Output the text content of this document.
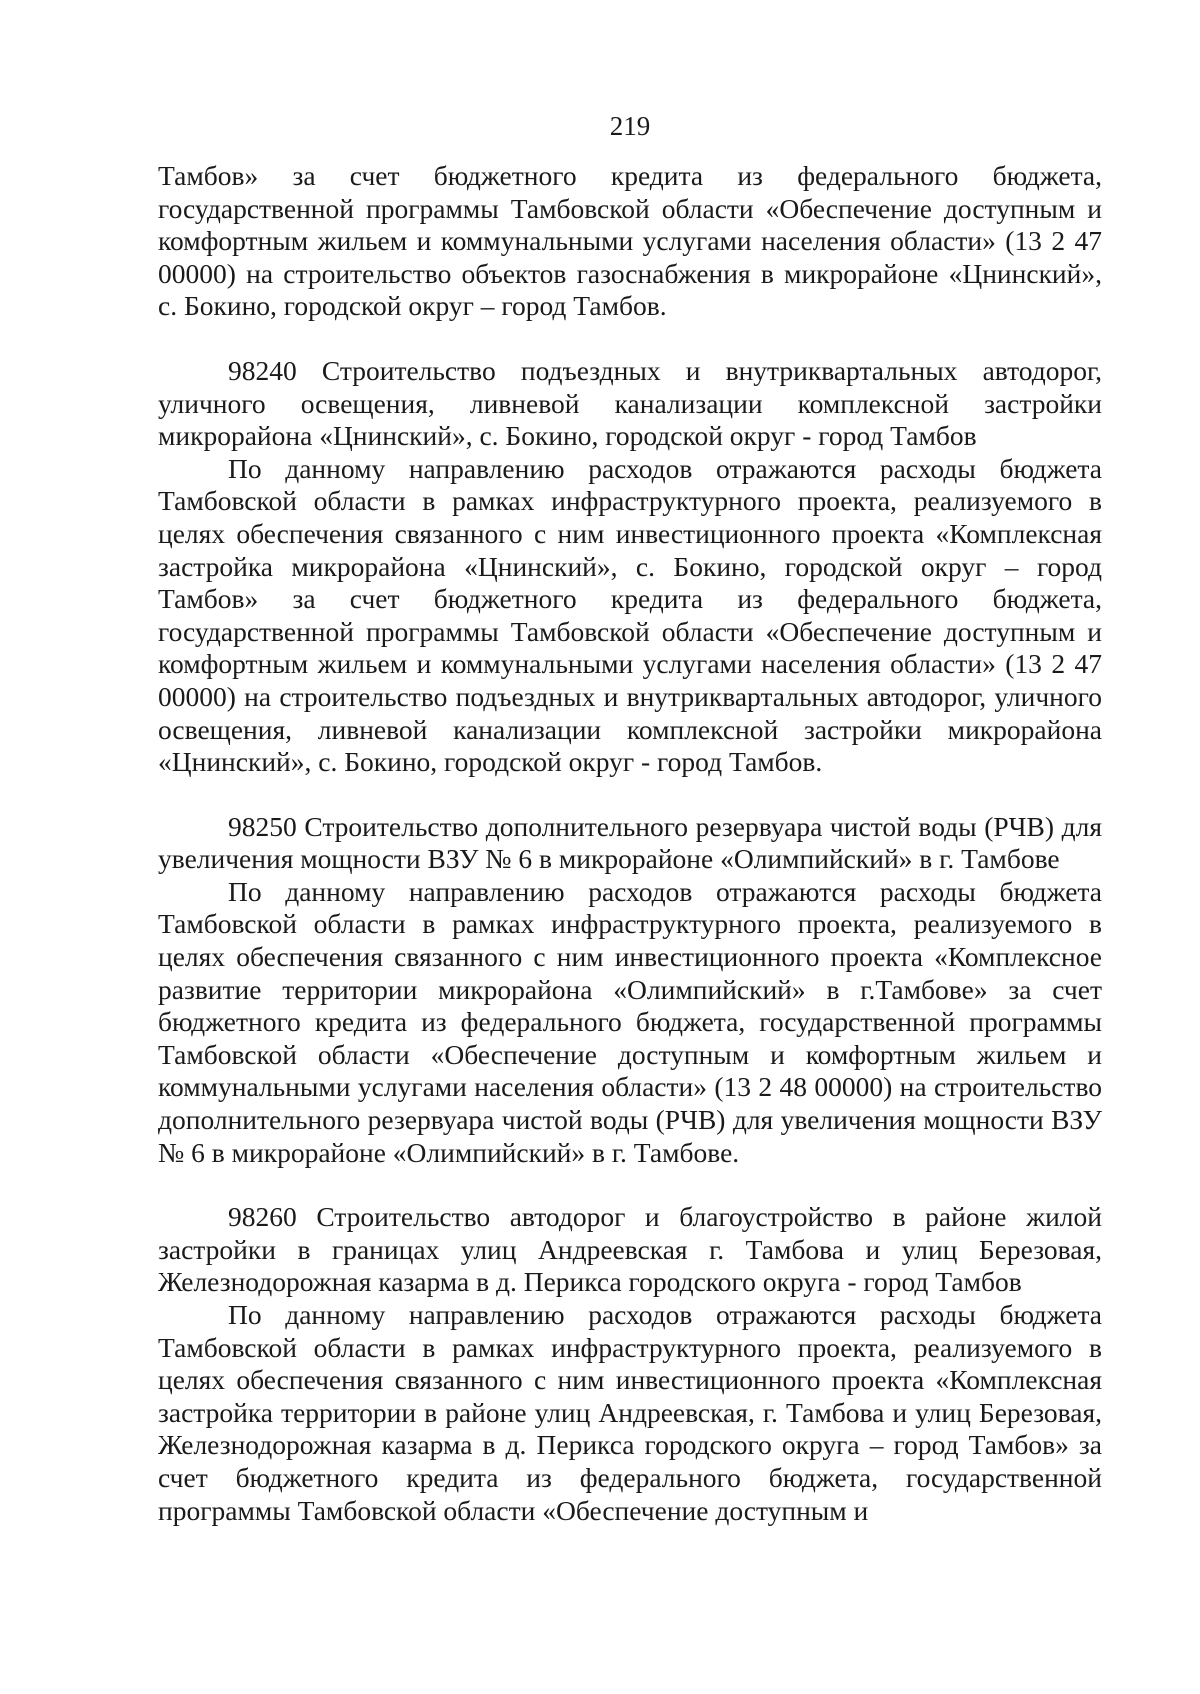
219

Тамбов» за счет бюджетного кредита из федерального бюджета, государственной программы Тамбовской области «Обеспечение доступным и комфортным жильем и коммунальными услугами населения области» (13 2 47 00000) на строительство объектов газоснабжения в микрорайоне «Цнинский», с. Бокино, городской округ – город Тамбов.

98240 Строительство подъездных и внутриквартальных автодорог, уличного освещения, ливневой канализации комплексной застройки микрорайона «Цнинский», с. Бокино, городской округ - город Тамбов

По данному направлению расходов отражаются расходы бюджета Тамбовской области в рамках инфраструктурного проекта, реализуемого в целях обеспечения связанного с ним инвестиционного проекта «Комплексная застройка микрорайона «Цнинский», с. Бокино, городской округ – город Тамбов» за счет бюджетного кредита из федерального бюджета, государственной программы Тамбовской области «Обеспечение доступным и комфортным жильем и коммунальными услугами населения области» (13 2 47 00000) на строительство подъездных и внутриквартальных автодорог, уличного освещения, ливневой канализации комплексной застройки микрорайона «Цнинский», с. Бокино, городской округ - город Тамбов.

98250 Строительство дополнительного резервуара чистой воды (РЧВ) для увеличения мощности ВЗУ № 6 в микрорайоне «Олимпийский» в г. Тамбове

По данному направлению расходов отражаются расходы бюджета Тамбовской области в рамках инфраструктурного проекта, реализуемого в целях обеспечения связанного с ним инвестиционного проекта «Комплексное развитие территории микрорайона «Олимпийский» в г.Тамбове» за счет бюджетного кредита из федерального бюджета, государственной программы Тамбовской области «Обеспечение доступным и комфортным жильем и коммунальными услугами населения области» (13 2 48 00000) на строительство дополнительного резервуара чистой воды (РЧВ) для увеличения мощности ВЗУ № 6 в микрорайоне «Олимпийский» в г. Тамбове.

98260 Строительство автодорог и благоустройство в районе жилой застройки в границах улиц Андреевская г. Тамбова и улиц Березовая, Железнодорожная казарма в д. Перикса городского округа - город Тамбов

По данному направлению расходов отражаются расходы бюджета Тамбовской области в рамках инфраструктурного проекта, реализуемого в целях обеспечения связанного с ним инвестиционного проекта «Комплексная застройка территории в районе улиц Андреевская, г. Тамбова и улиц Березовая, Железнодорожная казарма в д. Перикса городского округа – город Тамбов» за счет бюджетного кредита из федерального бюджета, государственной программы Тамбовской области «Обеспечение доступным и
